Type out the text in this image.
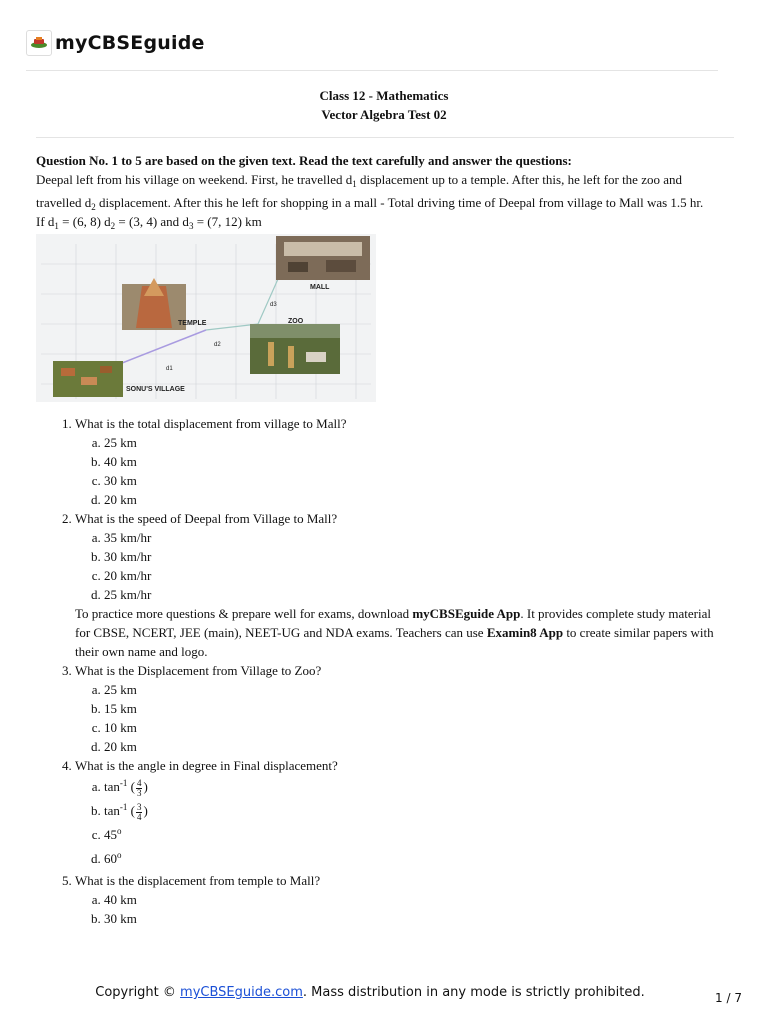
myCBSEguide
Class 12 - Mathematics
Vector Algebra Test 02
Question No. 1 to 5 are based on the given text. Read the text carefully and answer the questions:
Deepal left from his village on weekend. First, he travelled $d_1$ displacement up to a temple. After this, he left for the zoo and travelled $d_2$ displacement. After this he left for shopping in a mall - Total driving time of Deepal from village to Mall was 1.5 hr.
If $d_1 = (6$, 8) $d_2 = (3$, 4) and $d_3 = (7$, 12) km
MALL
TEMPLE	ZOO
SONU'S VILLAGE
d1
d2
d3
1. What is the total displacement from village to Mall?
a. 25 km
b. 40 km
c. 30 km
d. 20 km
2. What is the speed of Deepal from Village to Mall?
a. 35 km/hr
b. 30 km/hr
c. 20 km/hr
d. 25 km/hr
To practice more questions & prepare well for exams, download myCBSEguide App. It provides complete study material for CBSE, NCERT, JEE (main), NEET-UG and NDA exams. Teachers can use Examin8 App to create similar papers with their own name and logo.
3. What is the Displacement from Village to Zoo?
a. 25 km
b. 15 km
c. 10 km
d. 20 km
4. What is the angle in degree in Final displacement?
a. $\tan^{-1}$ ( $\frac{4}{3}$ )
b. $\tan^{-1}$ ( $\frac{3}{4}$ )
c. 45$^o$
d. 60$^o$
5. What is the displacement from temple to Mall?
a. 40 km
b. 30 km
Copyright © myCBSEguide.com. Mass distribution in any mode is strictly prohibited.	1 / 7
